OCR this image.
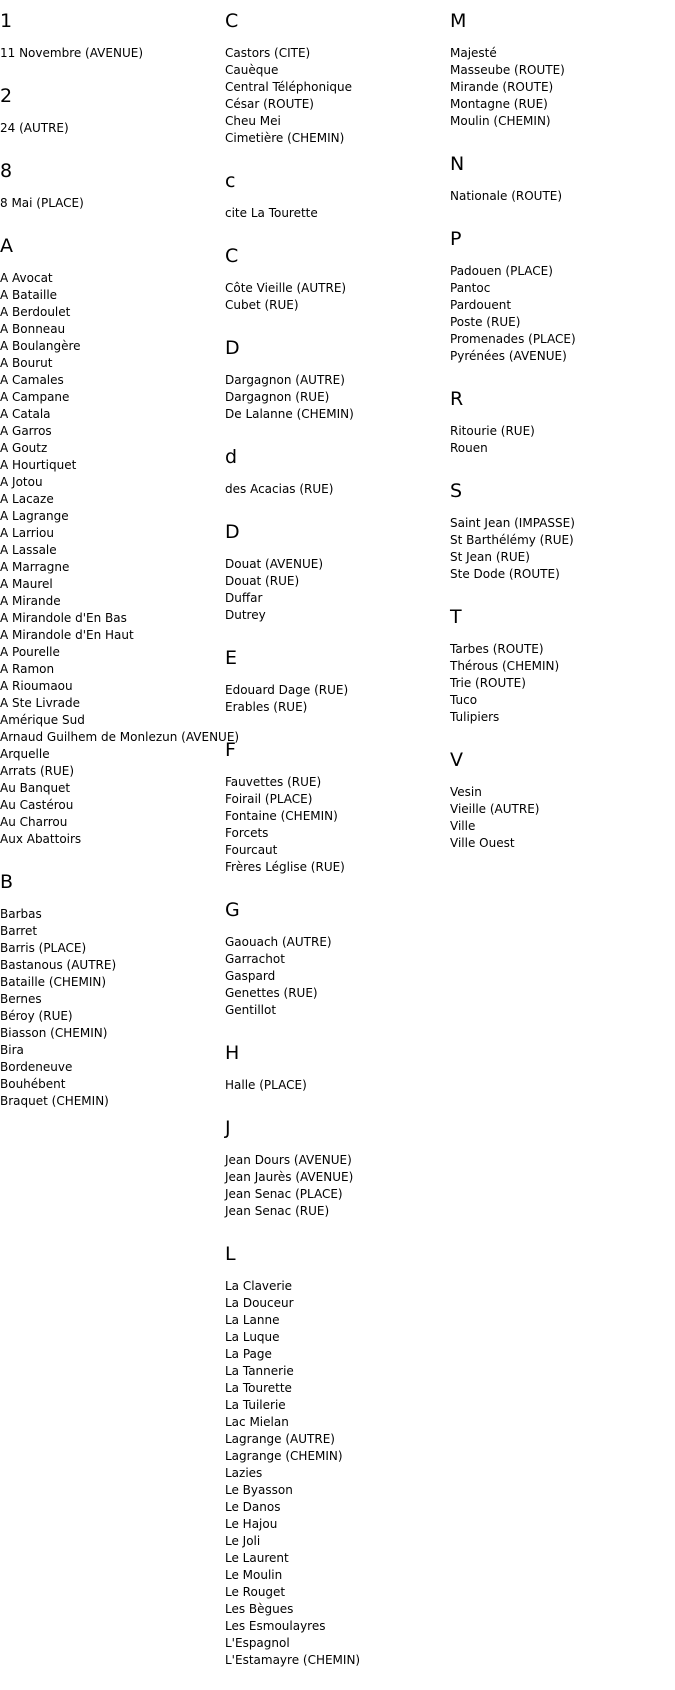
1
11 Novembre (AVENUE)
2
24 (AUTRE)
8
8 Mai (PLACE)
A
A Avocat
A Bataille
A Berdoulet
A Bonneau
A Boulangère
A Bourut
A Camales
A Campane
A Catala
A Garros
A Goutz
A Hourtiquet
A Jotou
A Lacaze
A Lagrange
A Larriou
A Lassale
A Marragne
A Maurel
A Mirande
A Mirandole d'En Bas
A Mirandole d'En Haut
A Pourelle
A Ramon
A Rioumaou
A Ste Livrade
Amérique Sud
Arnaud Guilhem de Monlezun (AVENUE)
Arquelle
Arrats (RUE)
Au Banquet
Au Castérou
Au Charrou
Aux Abattoirs
B
Barbas
Barret
Barris (PLACE)
Bastanous (AUTRE)
Bataille (CHEMIN)
Bernes
Béroy (RUE)
Biasson (CHEMIN)
Bira
Bordeneuve
Bouhébent
Braquet (CHEMIN)
C
Castors (CITE)
Cauèque
Central Téléphonique
César (ROUTE)
Cheu Mei
Cimetière (CHEMIN)
c
cite La Tourette
C
Côte Vieille (AUTRE)
Cubet (RUE)
D
Dargagnon (AUTRE)
Dargagnon (RUE)
De Lalanne (CHEMIN)
d
des Acacias (RUE)
D
Douat (AVENUE)
Douat (RUE)
Duffar
Dutrey
E
Edouard Dage (RUE)
Erables (RUE)
F
Fauvettes (RUE)
Foirail (PLACE)
Fontaine (CHEMIN)
Forcets
Fourcaut
Frères Léglise (RUE)
G
Gaouach (AUTRE)
Garrachot
Gaspard
Genettes (RUE)
Gentillot
H
Halle (PLACE)
J
Jean Dours (AVENUE)
Jean Jaurès (AVENUE)
Jean Senac (PLACE)
Jean Senac (RUE)
L
La Claverie
La Douceur
La Lanne
La Luque
La Page
La Tannerie
La Tourette
La Tuilerie
Lac Mielan
Lagrange (AUTRE)
Lagrange (CHEMIN)
Lazies
Le Byasson
Le Danos
Le Hajou
Le Joli
Le Laurent
Le Moulin
Le Rouget
Les Bègues
Les Esmoulayres
L'Espagnol
L'Estamayre (CHEMIN)
M
Majesté
Masseube (ROUTE)
Mirande (ROUTE)
Montagne (RUE)
Moulin (CHEMIN)
N
Nationale (ROUTE)
P
Padouen (PLACE)
Pantoc
Pardouent
Poste (RUE)
Promenades (PLACE)
Pyrénées (AVENUE)
R
Ritourie (RUE)
Rouen
S
Saint Jean (IMPASSE)
St Barthélémy (RUE)
St Jean (RUE)
Ste Dode (ROUTE)
T
Tarbes (ROUTE)
Thérous (CHEMIN)
Trie (ROUTE)
Tuco
Tulipiers
V
Vesin
Vieille (AUTRE)
Ville
Ville Ouest
